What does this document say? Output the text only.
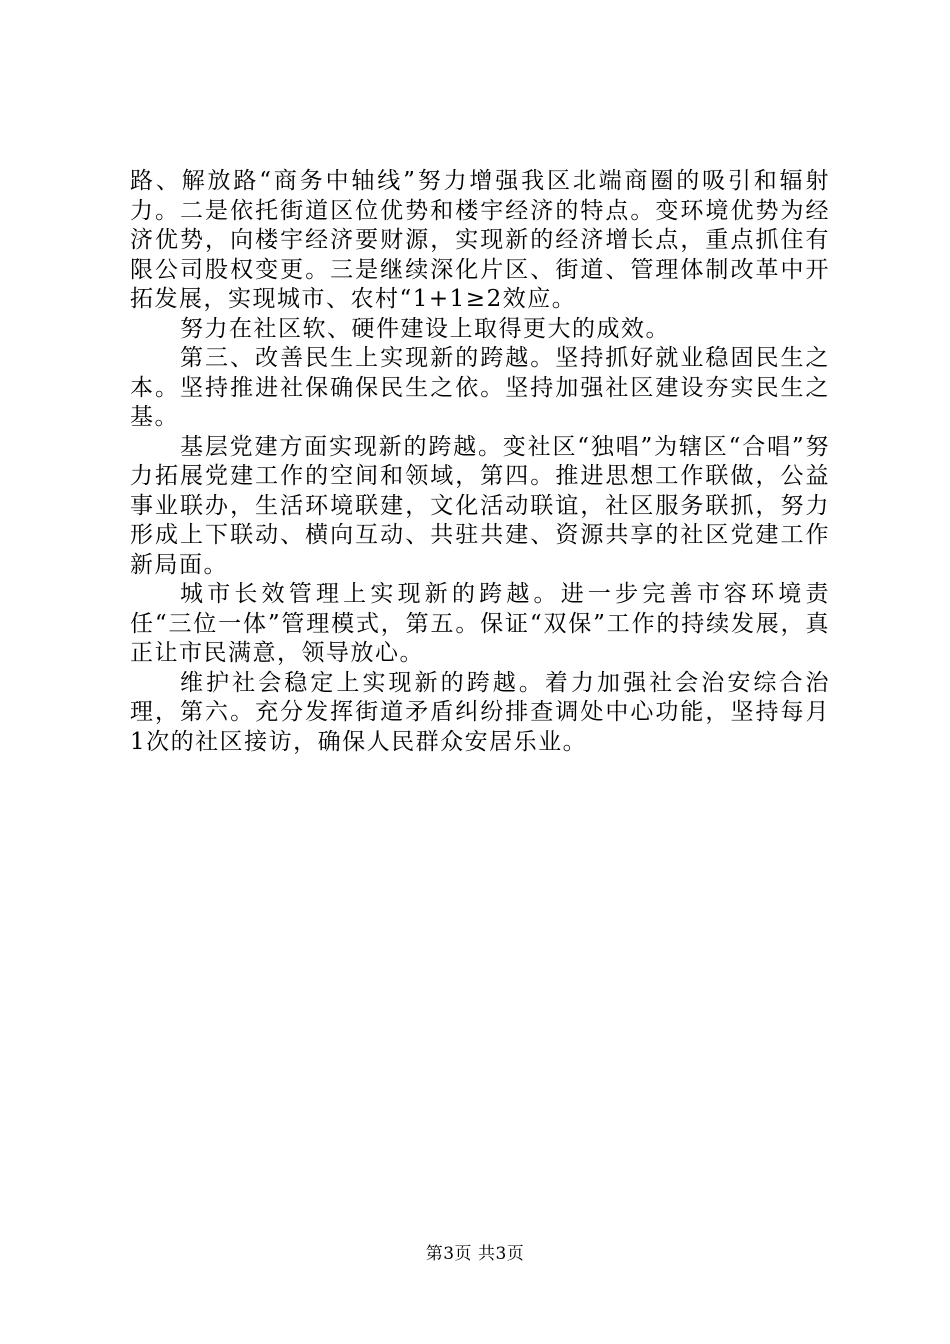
路、解放路“商务中轴线”努力增强我区北端商圈的吸引和辐射力。二是依托街道区位优势和楼宇经济的特点。变环境优势为经济优势，向楼宇经济要财源，实现新的经济增长点，重点抓住有限公司股权变更。三是继续深化片区、街道、管理体制改革中开拓发展，实现城市、农村“1+1≥2效应。

努力在社区软、硬件建设上取得更大的成效。

第三、改善民生上实现新的跨越。坚持抓好就业稳固民生之本。坚持推进社保确保民生之依。坚持加强社区建设夯实民生之基。

基层党建方面实现新的跨越。变社区“独唱”为辖区“合唱”努力拓展党建工作的空间和领域，第四。推进思想工作联做，公益事业联办，生活环境联建，文化活动联谊，社区服务联抓，努力形成上下联动、横向互动、共驻共建、资源共享的社区党建工作新局面。

城市长效管理上实现新的跨越。进一步完善市容环境责任“三位一体”管理模式，第五。保证“双保”工作的持续发展，真正让市民满意，领导放心。

维护社会稳定上实现新的跨越。着力加强社会治安综合治理，第六。充分发挥街道矛盾纠纷排查调处中心功能，坚持每月1次的社区接访，确保人民群众安居乐业。

第3页 共3页
